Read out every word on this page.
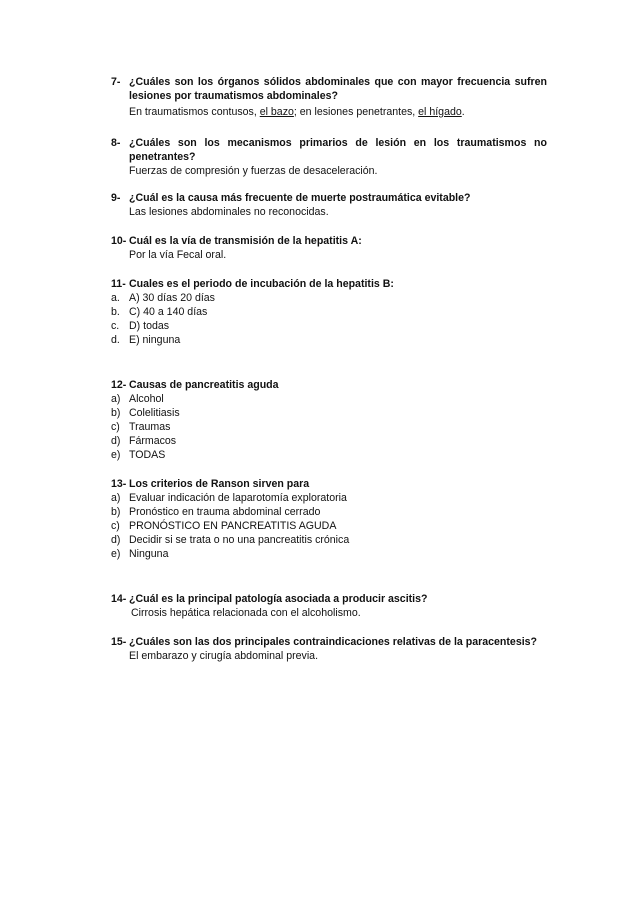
7- ¿Cuáles son los órganos sólidos abdominales que con mayor frecuencia sufren lesiones por traumatismos abdominales?
En traumatismos contusos, el bazo; en lesiones penetrantes, el hígado.
8- ¿Cuáles son los mecanismos primarios de lesión en los traumatismos no penetrantes?
Fuerzas de compresión y fuerzas de desaceleración.
9- ¿Cuál es la causa más frecuente de muerte postraumática evitable?
Las lesiones abdominales no reconocidas.
10- Cuál es la vía de transmisión de la hepatitis A:
Por la vía Fecal oral.
11- Cuales es el periodo de incubación de la hepatitis B:
a. A) 30 días 20 días
b. C) 40 a 140 días
c. D) todas
d. E) ninguna
12- Causas de pancreatitis aguda
a) Alcohol
b) Colelitiasis
c) Traumas
d) Fármacos
e) TODAS
13- Los criterios de Ranson sirven para
a) Evaluar indicación de laparotomía exploratoria
b) Pronóstico en trauma abdominal cerrado
c) PRONÓSTICO EN PANCREATITIS AGUDA
d) Decidir si se trata o no una pancreatitis crónica
e) Ninguna
14- ¿Cuál es la principal patología asociada a producir ascitis?
Cirrosis hepática relacionada con el alcoholismo.
15- ¿Cuáles son las dos principales contraindicaciones relativas de la paracentesis?
El embarazo y cirugía abdominal previa.
